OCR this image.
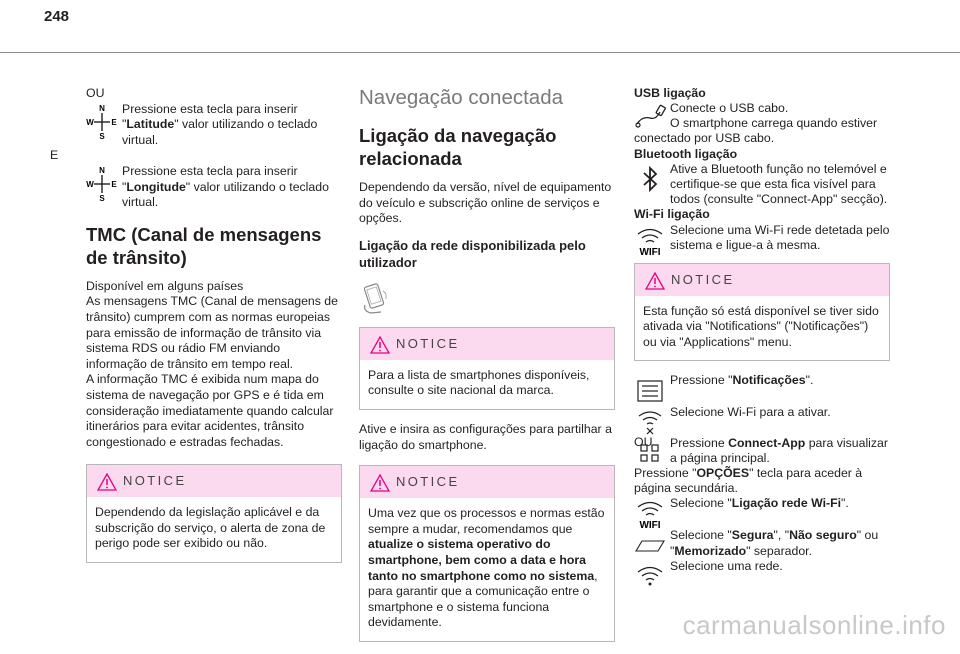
248

OU

N
W E
S

Pressione esta tecla para inserir "Latitude" valor utilizando o teclado virtual.

E

N
W E
S

Pressione esta tecla para inserir "Longitude" valor utilizando o teclado virtual.

TMC (Canal de mensagens de trânsito)

Disponível em alguns países

As mensagens TMC (Canal de mensagens de trânsito) cumprem com as normas europeias para emissão de informação de trânsito via sistema RDS ou rádio FM enviando informação de trânsito em tempo real.

A informação TMC é exibida num mapa do sistema de navegação por GPS e é tida em consideração imediatamente quando calcular itinerários para evitar acidentes, trânsito congestionado e estradas fechadas.

NOTICE
Dependendo da legislação aplicável e da subscrição do serviço, o alerta de zona de perigo pode ser exibido ou não.
Navegação conectada
Ligação da navegação relacionada

Dependendo da versão, nível de equipamento do veículo e subscrição online de serviços e opções.

Ligação da rede disponibilizada pelo utilizador
NOTICE
Para a lista de smartphones disponíveis, consulte o site nacional da marca.

Ative e insira as configurações para partilhar a ligação do smartphone.

NOTICE
Uma vez que os processos e normas estão sempre a mudar, recomendamos que atualize o sistema operativo do smartphone, bem como a data e hora tanto no smartphone como no sistema, para garantir que a comunicação entre o smartphone e o sistema funciona devidamente.

USB ligação

Conecte o USB cabo.

O smartphone carrega quando estiver conectado por USB cabo.

Bluetooth ligação

Ative a Bluetooth função no telemóvel e certifique-se que esta fica visível para todos (consulte "Connect-App" secção).

Wi-Fi ligação

WIFI

Selecione uma Wi-Fi rede detetada pelo sistema e ligue-a à mesma.

NOTICE
Esta função só está disponível se tiver sido ativada via "Notifications" ("Notificações") ou via "Applications" menu.

Pressione "Notificações".

Selecione Wi-Fi para a ativar.

OU	Pressione Connect-App para visualizar a página principal.

Pressione "OPÇÕES" tecla para aceder à página secundária.

WIFI

Selecione "Ligação rede Wi-Fi".

Selecione "Segura", "Não seguro" ou "Memorizado" separador.

Selecione uma rede.

carmanualsonline.info
